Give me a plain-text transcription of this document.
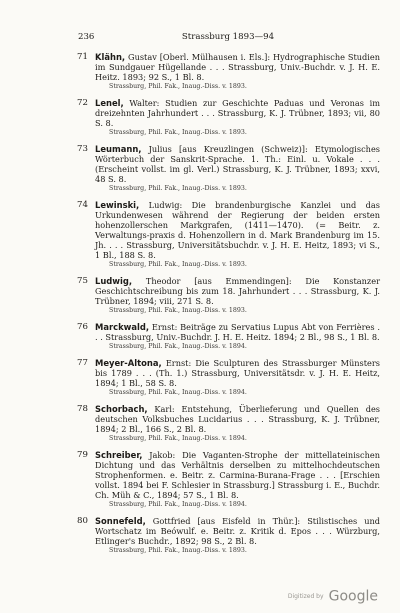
236	Strassburg 1893—94
71 Klähn, Gustav [Oberl. Mülhausen i. Els.]: Hydrographische Studien im Sundgauer Hügellande . . . Strassburg, Univ.-Buchdr. v. J. H. E. Heitz. 1893; 92 S., 1 Bl. 8.
Strassburg, Phil. Fak., Inaug.-Diss. v. 1893.
72 Lenel, Walter: Studien zur Geschichte Paduas und Veronas im dreizehnten Jahrhundert . . . Strassburg, K. J. Trübner, 1893; vii, 80 S. 8.
Strassburg, Phil. Fak., Inaug.-Diss. v. 1893.
73 Leumann, Julius [aus Kreuzlingen (Schweiz)]: Etymologisches Wörterbuch der Sanskrit-Sprache. 1. Th.: Einl. u. Vokale . . . (Erscheint vollst. im gl. Verl.) Strassburg, K. J. Trübner, 1893; xxvi, 48 S. 8.
Strassburg, Phil. Fak., Inaug.-Diss. v. 1893.
74 Lewinski, Ludwig: Die brandenburgische Kanzlei und das Urkundenwesen während der Regierung der beiden ersten hohenzollerschen Markgrafen, (1411—1470). (= Beitr. z. Verwaltungs-praxis d. Hohenzollern in d. Mark Brandenburg im 15. Jh. . . . Strassburg, Universitätsbuchdr. v. J. H. E. Heitz, 1893; vi S., 1 Bl., 188 S. 8.
Strassburg, Phil. Fak., Inaug.-Diss. v. 1893.
75 Ludwig, Theodor [aus Emmendingen]: Die Konstanzer Geschichtschreibung bis zum 18. Jahrhundert . . . Strassburg, K. J. Trübner, 1894; viii, 271 S. 8.
Strassburg, Phil. Fak., Inaug.-Diss. v. 1893.
76 Marckwald, Ernst: Beiträge zu Servatius Lupus Abt von Ferrières . . . Strassburg, Univ.-Buchdr. J. H. E. Heitz. 1894; 2 Bl., 98 S., 1 Bl. 8.
Strassburg, Phil. Fak., Inaug.-Diss. v. 1894.
77 Meyer-Altona, Ernst: Die Sculpturen des Strassburger Münsters bis 1789 . . . (Th. 1.) Strassburg, Universitätsdr. v. J. H. E. Heitz, 1894; 1 Bl., 58 S. 8.
Strassburg, Phil. Fak., Inaug.-Diss. v. 1894.
78 Schorbach, Karl: Entstehung, Überlieferung und Quellen des deutschen Volksbuches Lucidarius . . . Strassburg, K. J. Trübner, 1894; 2 Bl., 166 S., 2 Bl. 8.
Strassburg, Phil. Fak., Inaug.-Diss. v. 1894.
79 Schreiber, Jakob: Die Vaganten-Strophe der mittellateinischen Dichtung und das Verhältnis derselben zu mittelhochdeutschen Strophenformen. e. Beitr. z. Carmina-Burana-Frage . . . [Erschien vollst. 1894 bei F. Schlesier in Strassburg.] Strassburg i. E., Buchdr. Ch. Müh & C., 1894; 57 S., 1 Bl. 8.
Strassburg, Phil. Fak., Inaug.-Diss. v. 1894.
80 Sonnefeld, Gottfried [aus Eisfeld in Thür.]: Stilistisches und Wortschatz im Beówulf. e. Beitr. z. Kritik d. Epos . . . Würzburg, Etlinger's Buchdr., 1892; 98 S., 2 Bl. 8.
Strassburg, Phil. Fak., Inaug.-Diss. v. 1893.
Digitized by Google
